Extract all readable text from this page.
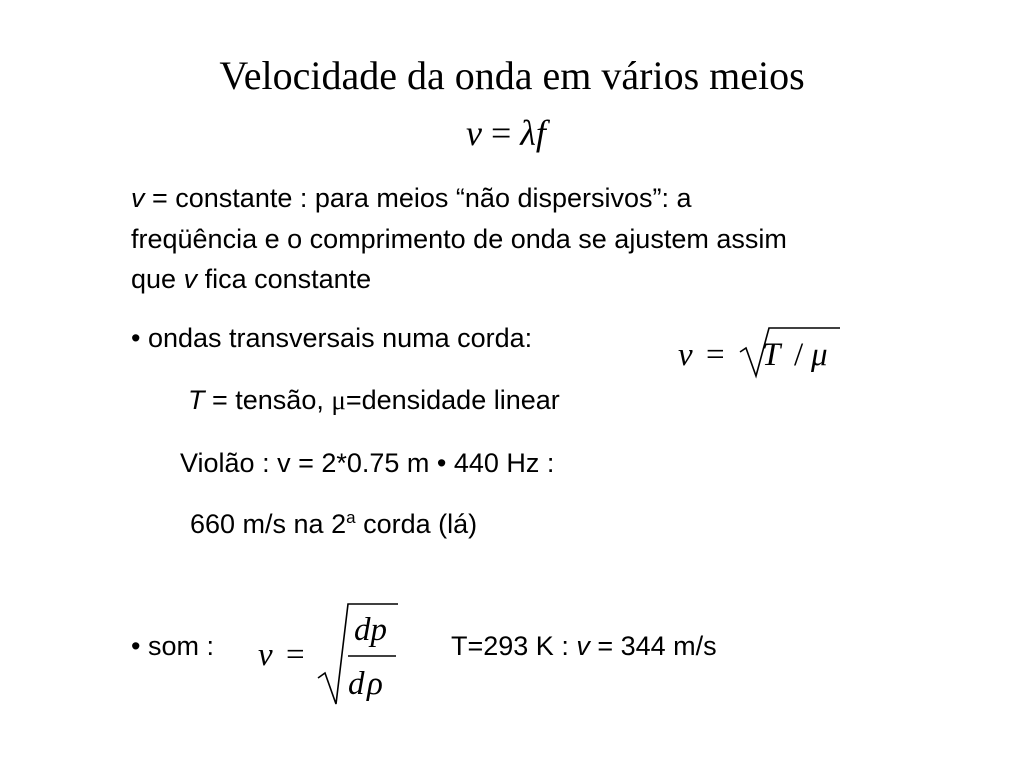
Velocidade da onda em vários meios
v = λf
v = constante : para meios “não dispersivos”: a
freqüência e o comprimento de onda se ajustem assim
que v fica constante
• ondas transversais numa corda:	v = T / μ
T = tensão, μ=densidade linear
Violão : v = 2*0.75 m • 440 Hz :
660 m/s na 2$^a$ corda (lá)
• som : v =
dp
d ρ
T=293 K : v = 344 m/s
